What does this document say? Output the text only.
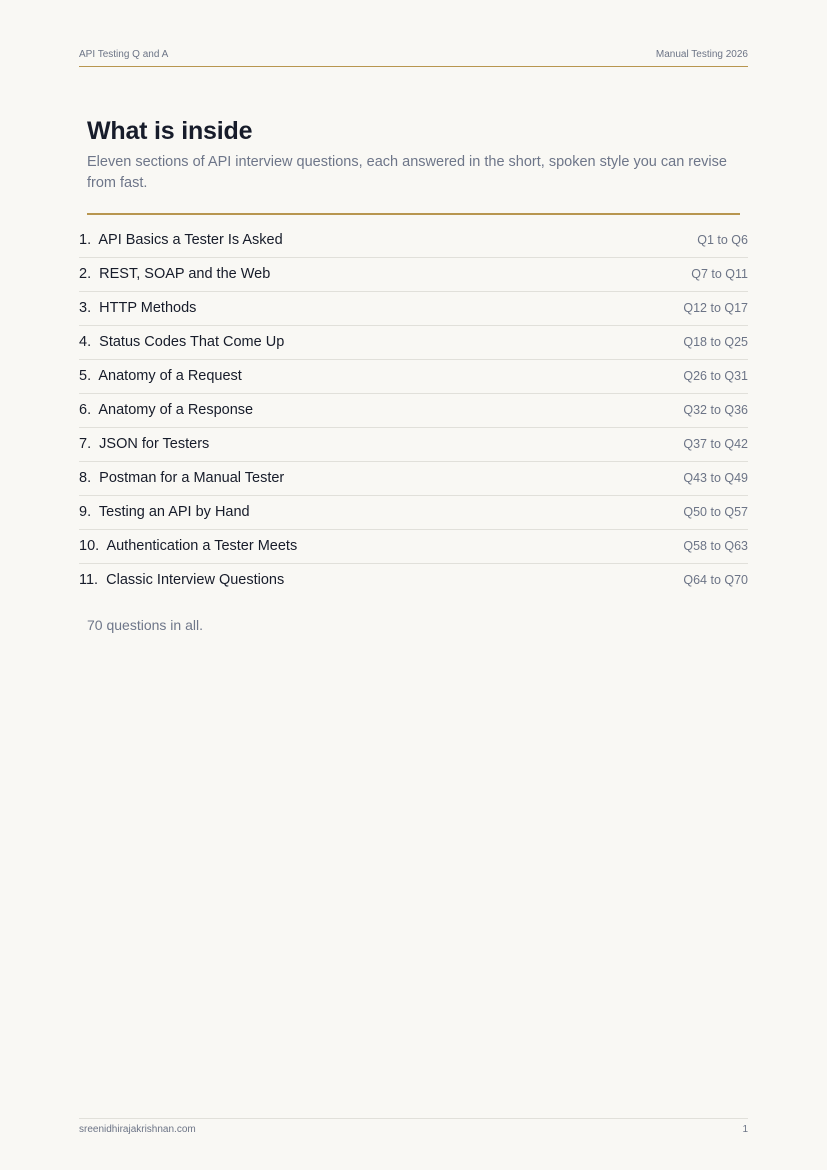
API Testing Q and A	Manual Testing 2026
What is inside

Eleven sections of API interview questions, each answered in the short, spoken style you can revise from fast.

1. API Basics a Tester Is Asked	Q1 to Q6
2. REST, SOAP and the Web	Q7 to Q11
3. HTTP Methods	Q12 to Q17
4. Status Codes That Come Up	Q18 to Q25
5. Anatomy of a Request	Q26 to Q31
6. Anatomy of a Response	Q32 to Q36
7. JSON for Testers	Q37 to Q42
8. Postman for a Manual Tester	Q43 to Q49
9. Testing an API by Hand	Q50 to Q57
10. Authentication a Tester Meets	Q58 to Q63
11. Classic Interview Questions	Q64 to Q70

70 questions in all.

sreenidhirajakrishnan.com	1
